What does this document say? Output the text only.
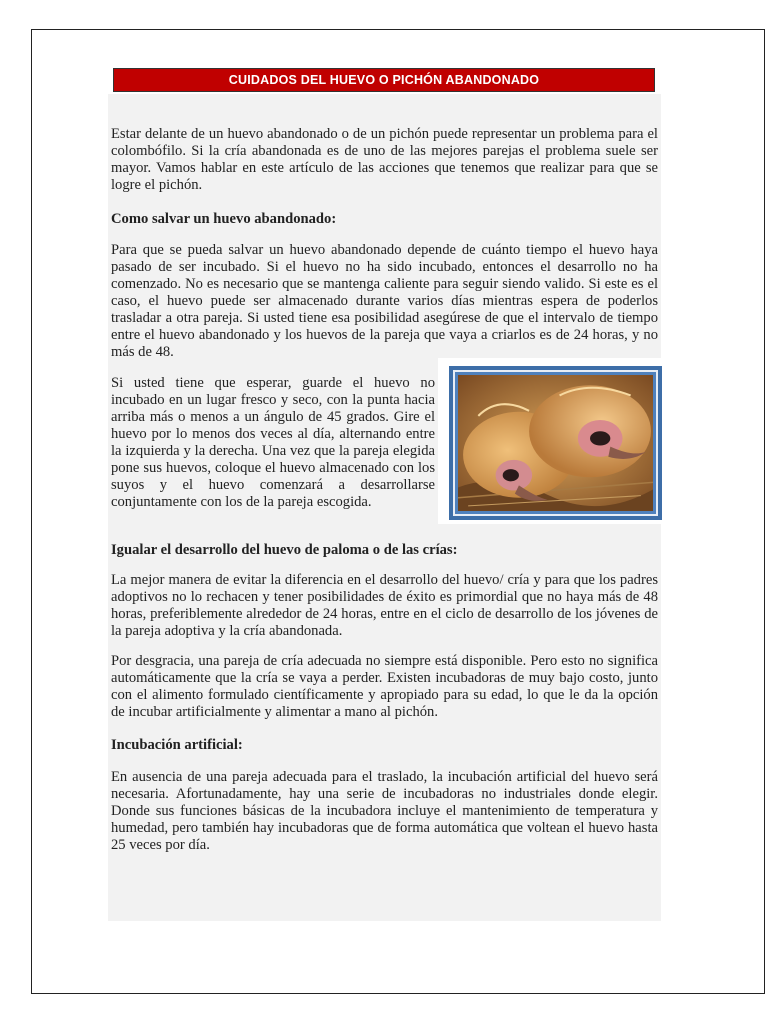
CUIDADOS DEL HUEVO O PICHÓN ABANDONADO

Estar delante de un huevo abandonado o de un pichón puede representar un problema para el colombófilo. Si la cría abandonada es de uno de las mejores parejas el problema suele ser mayor. Vamos hablar en este artículo de las acciones que tenemos que realizar para que se logre el pichón.

Como salvar un huevo abandonado:

Para que se pueda salvar un huevo abandonado depende de cuánto tiempo el huevo haya pasado de ser incubado. Si el huevo no ha sido incubado, entonces el desarrollo no ha comenzado. No es necesario que se mantenga caliente para seguir siendo valido. Si este es el caso, el huevo puede ser almacenado durante varios días mientras espera de poderlos trasladar a otra pareja. Si usted tiene esa posibilidad asegúrese de que el intervalo de tiempo entre el huevo abandonado y los huevos de la pareja que vaya a criarlos es de 24 horas, y no más de 48.

Si usted tiene que esperar, guarde el huevo no incubado en un lugar fresco y seco, con la punta hacia arriba más o menos a un ángulo de 45 grados. Gire el huevo por lo menos dos veces al día, alternando entre la izquierda y la derecha. Una vez que la pareja elegida pone sus huevos, coloque el huevo almacenado con los suyos y el huevo comenzará a desarrollarse conjuntamente con los de la pareja escogida.

Igualar el desarrollo del huevo de paloma o de las crías:

La mejor manera de evitar la diferencia en el desarrollo del huevo/ cría y para que los padres adoptivos no lo rechacen y tener posibilidades de éxito es primordial que no haya más de 48 horas, preferiblemente alrededor de 24 horas, entre en el ciclo de desarrollo de los jóvenes de la pareja adoptiva y la cría abandonada.

Por desgracia, una pareja de cría adecuada no siempre está disponible. Pero esto no significa automáticamente que la cría se vaya a perder. Existen incubadoras de muy bajo costo, junto con el alimento formulado científicamente y apropiado para su edad, lo que le da la opción de incubar artificialmente y alimentar a mano al pichón.

Incubación artificial:

En ausencia de una pareja adecuada para el traslado, la incubación artificial del huevo será necesaria. Afortunadamente, hay una serie de incubadoras no industriales donde elegir. Donde sus funciones básicas de la incubadora incluye el mantenimiento de temperatura y humedad, pero también hay incubadoras que de forma automática que voltean el huevo hasta 25 veces por día.
